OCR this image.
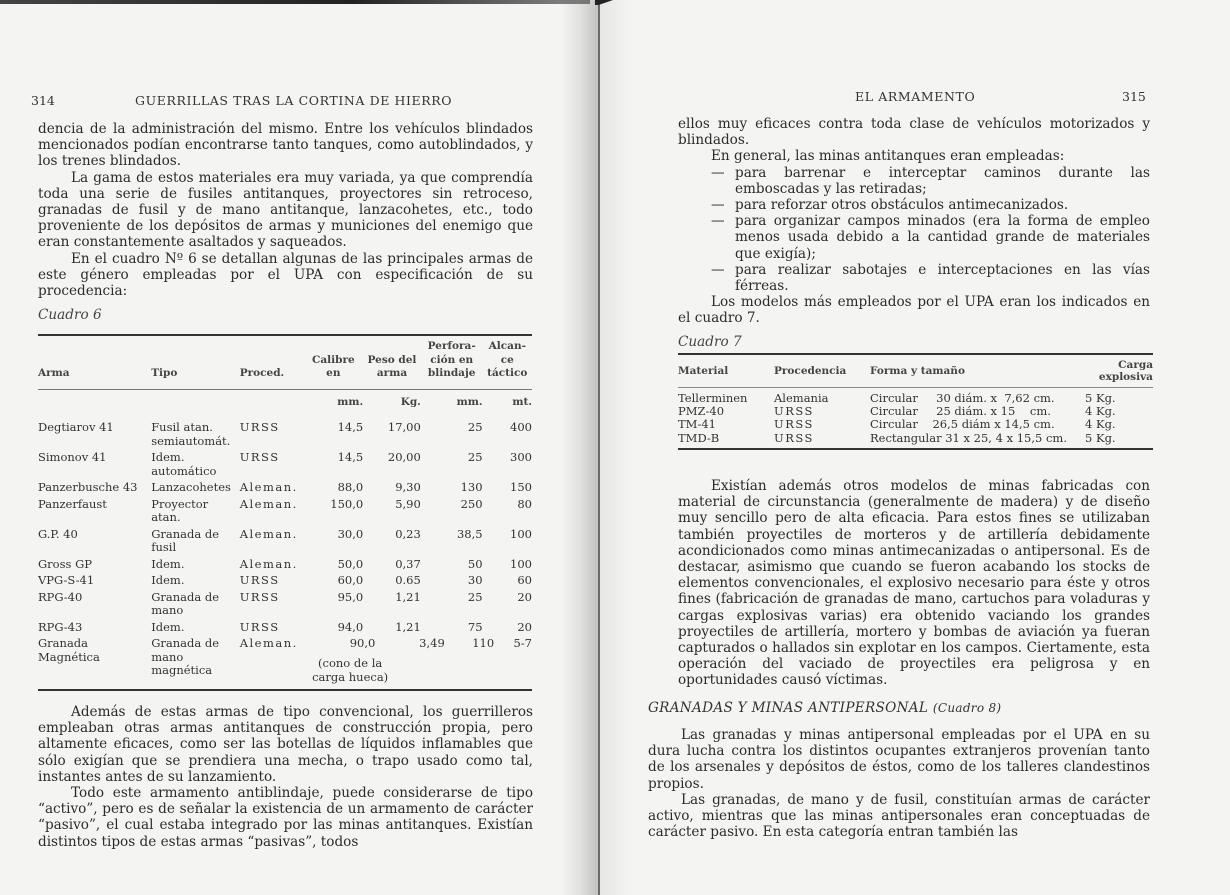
314	GUERRILLAS TRAS LA CORTINA DE HIERRO

dencia de la administración del mismo. Entre los vehículos blindados mencionados podían encontrarse tanto tanques, como autoblindados, y los trenes blindados.

La gama de estos materiales era muy variada, ya que comprendía toda una serie de fusiles antitanques, proyectores sin retroceso, granadas de fusil y de mano antitanque, lanzacohetes, etc., todo proveniente de los depósitos de armas y municiones del enemigo que eran constantemente asaltados y saqueados.

En el cuadro Nº 6 se detallan algunas de las principales armas de este género empleadas por el UPA con especificación de su procedencia:

Cuadro 6
Arma	Tipo	Proced.	Calibre en	Peso del arma	Perfora- ción en blindaje	Alcan- ce táctico
			mm.	Kg.	mm.	mt.
Degtiarov 41	Fusil atan. semiautomát.	URSS	14,5	17,00	25	400
Simonov 41	Idem. automático	URSS	14,5	20,00	25	300
Panzerbusche 43	Lanzacohetes	Aleman.	88,0	9,30	130	150
Panzerfaust	Proyector atan.	Aleman.	150,0	5,90	250	80
G.P. 40	Granada de fusil	Aleman.	30,0	0,23	38,5	100
Gross GP	Idem.	Aleman.	50,0	0,37	50	100
VPG-S-41	Idem.	URSS	60,0	0.65	30	60
RPG-40	Granada de mano	URSS	95,0	1,21	25	20
RPG-43	Idem.	URSS	94,0	1,21	75	20
Granada Magnética	Granada de mano magnética	Aleman.		90,0	3,49	110	5-7
(cono de la carga hueca)		

Además de estas armas de tipo convencional, los guerrilleros empleaban otras armas antitanques de construcción propia, pero altamente eficaces, como ser las botellas de líquidos inflamables que sólo exigían que se prendiera una mecha, o trapo usado como tal, instantes antes de su lanzamiento.

Todo este armamento antiblindaje, puede considerarse de tipo “activo”, pero es de señalar la existencia de un armamento de carácter “pasivo”, el cual estaba integrado por las minas antitanques. Existían distintos tipos de estas armas “pasivas”, todos

EL ARMAMENTO	315

ellos muy eficaces contra toda clase de vehículos motorizados y blindados.

En general, las minas antitanques eran empleadas:

— para barrenar e interceptar caminos durante las emboscadas y las retiradas;
— para reforzar otros obstáculos antimecanizados.
— para organizar campos minados (era la forma de empleo menos usada debido a la cantidad grande de materiales que exigía);
— para realizar sabotajes e interceptaciones en las vías férreas.

Los modelos más empleados por el UPA eran los indicados en el cuadro 7.

Cuadro 7
Material	Procedencia	Forma y tamaño	Carga explosiva
Tellerminen	Alemania	Circular     30 diám. x  7,62 cm.	5 Kg.
PMZ-40	URSS	Circular     25 diám. x 15    cm.	4 Kg.
TM-41	URSS	Circular    26,5 diám x 14,5 cm.	4 Kg.
TMD-B	URSS	Rectangular 31 x 25, 4 x 15,5 cm.	5 Kg.

Existían además otros modelos de minas fabricadas con material de circunstancia (generalmente de madera) y de diseño muy sencillo pero de alta eficacia. Para estos fines se utilizaban también proyectiles de morteros y de artillería debidamente acondicionados como minas antimecanizadas o antipersonal. Es de destacar, asimismo que cuando se fueron acabando los stocks de elementos convencionales, el explosivo necesario para éste y otros fines (fabricación de granadas de mano, cartuchos para voladuras y cargas explosivas varias) era obtenido vaciando los grandes proyectiles de artillería, mortero y bombas de aviación ya fueran capturados o hallados sin explotar en los campos. Ciertamente, esta operación del vaciado de proyectiles era peligrosa y en oportunidades causó víctimas.

GRANADAS Y MINAS ANTIPERSONAL (Cuadro 8)

Las granadas y minas antipersonal empleadas por el UPA en su dura lucha contra los distintos ocupantes extranjeros provenían tanto de los arsenales y depósitos de éstos, como de los talleres clandestinos propios.

Las granadas, de mano y de fusil, constituían armas de carácter activo, mientras que las minas antipersonales eran conceptuadas de carácter pasivo. En esta categoría entran también las
